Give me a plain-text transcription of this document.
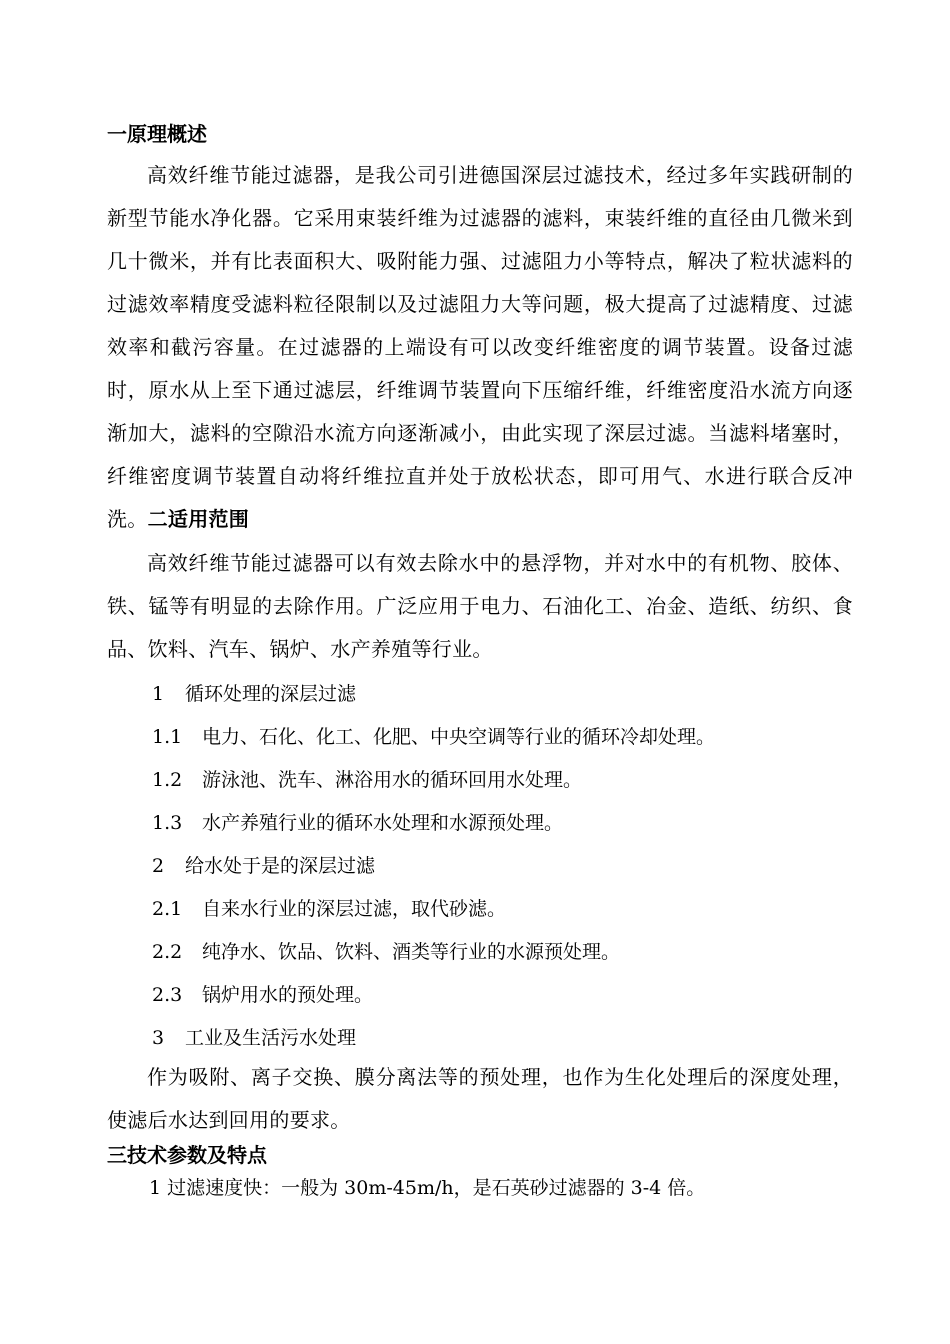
一原理概述
高效纤维节能过滤器，是我公司引进德国深层过滤技术，经过多年实践研制的新型节能水净化器。它采用束装纤维为过滤器的滤料，束装纤维的直径由几微米到几十微米，并有比表面积大、吸附能力强、过滤阻力小等特点，解决了粒状滤料的过滤效率精度受滤料粒径限制以及过滤阻力大等问题，极大提高了过滤精度、过滤效率和截污容量。在过滤器的上端设有可以改变纤维密度的调节装置。设备过滤时，原水从上至下通过滤层，纤维调节装置向下压缩纤维，纤维密度沿水流方向逐渐加大，滤料的空隙沿水流方向逐渐减小，由此实现了深层过滤。当滤料堵塞时，纤维密度调节装置自动将纤维拉直并处于放松状态，即可用气、水进行联合反冲洗。二适用范围
高效纤维节能过滤器可以有效去除水中的悬浮物，并对水中的有机物、胶体、铁、锰等有明显的去除作用。广泛应用于电力、石油化工、冶金、造纸、纺织、食品、饮料、汽车、锅炉、水产养殖等行业。
1 循环处理的深层过滤
1.1 电力、石化、化工、化肥、中央空调等行业的循环冷却处理。
1.2 游泳池、洗车、淋浴用水的循环回用水处理。
1.3 水产养殖行业的循环水处理和水源预处理。
2 给水处于是的深层过滤
2.1 自来水行业的深层过滤，取代砂滤。
2.2 纯净水、饮品、饮料、酒类等行业的水源预处理。
2.3 锅炉用水的预处理。
3 工业及生活污水处理
作为吸附、离子交换、膜分离法等的预处理，也作为生化处理后的深度处理，使滤后水达到回用的要求。
三技术参数及特点
1 过滤速度快：一般为 30m-45m/h，是石英砂过滤器的 3-4 倍。
